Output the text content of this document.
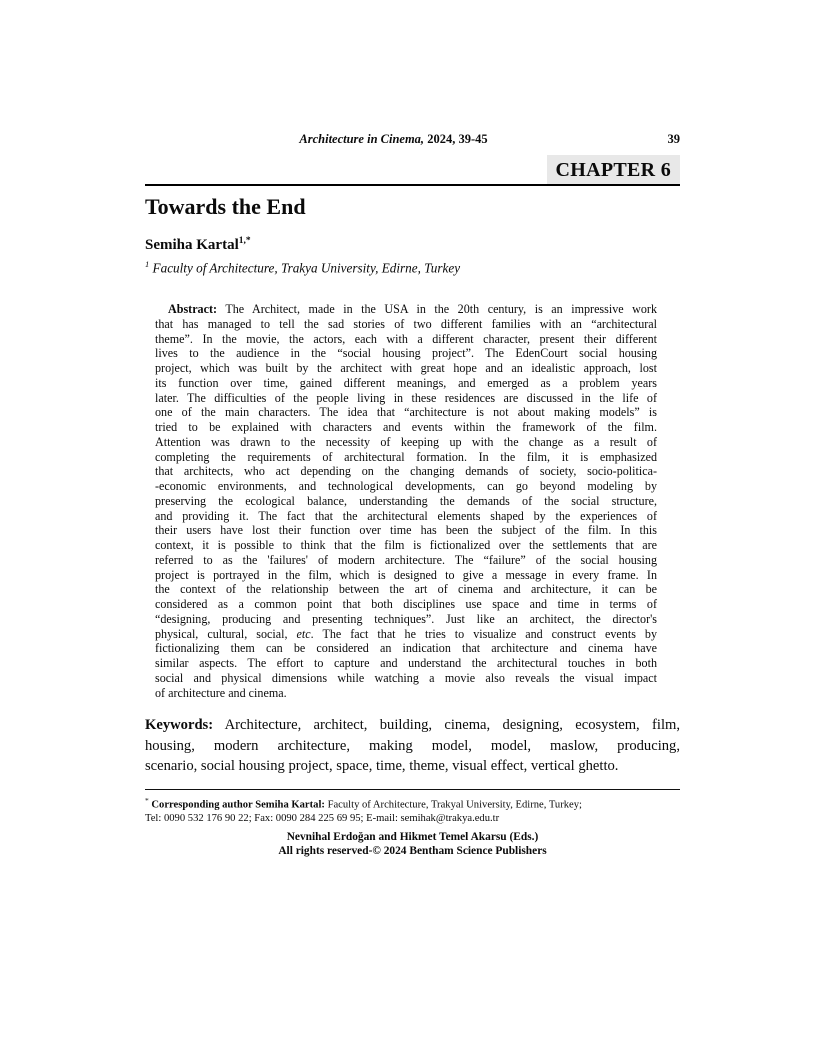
Architecture in Cinema, 2024, 39-45	39
CHAPTER 6
Towards the End
Semiha Kartal$^{1,*}$
$^1$ Faculty of Architecture, Trakya University, Edirne, Turkey
Abstract: The Architect, made in the USA in the 20th century, is an impressive work
that has managed to tell the sad stories of two different families with an “architectural
theme”. In the movie, the actors, each with a different character, present their different
lives to the audience in the “social housing project”. The EdenCourt social housing
project, which was built by the architect with great hope and an idealistic approach, lost
its function over time, gained different meanings, and emerged as a problem years
later. The difficulties of the people living in these residences are discussed in the life of
one of the main characters. The idea that “architecture is not about making models” is
tried to be explained with characters and events within the framework of the film.
Attention was drawn to the necessity of keeping up with the change as a result of
completing the requirements of architectural formation. In the film, it is emphasized
that architects, who act depending on the changing demands of society, socio-politica-
-economic environments, and technological developments, can go beyond modeling by
preserving the ecological balance, understanding the demands of the social structure,
and providing it. The fact that the architectural elements shaped by the experiences of
their users have lost their function over time has been the subject of the film. In this
context, it is possible to think that the film is fictionalized over the settlements that are
referred to as the 'failures' of modern architecture. The “failure” of the social housing
project is portrayed in the film, which is designed to give a message in every frame. In
the context of the relationship between the art of cinema and architecture, it can be
considered as a common point that both disciplines use space and time in terms of
“designing, producing and presenting techniques”. Just like an architect, the director's
physical, cultural, social, etc. The fact that he tries to visualize and construct events by
fictionalizing them can be considered an indication that architecture and cinema have
similar aspects. The effort to capture and understand the architectural touches in both
social and physical dimensions while watching a movie also reveals the visual impact
of architecture and cinema.
Keywords: Architecture, architect, building, cinema, designing, ecosystem, film,
housing, modern architecture, making model, model, maslow, producing,
scenario, social housing project, space, time, theme, visual effect, vertical ghetto.
* Corresponding author Semiha Kartal: Faculty of Architecture, Trakyal University, Edirne, Turkey;
Tel: 0090 532 176 90 22; Fax: 0090 284 225 69 95; E-mail: semihak@trakya.edu.tr
Nevnihal Erdoğan and Hikmet Temel Akarsu (Eds.)
All rights reserved-© 2024 Bentham Science Publishers
